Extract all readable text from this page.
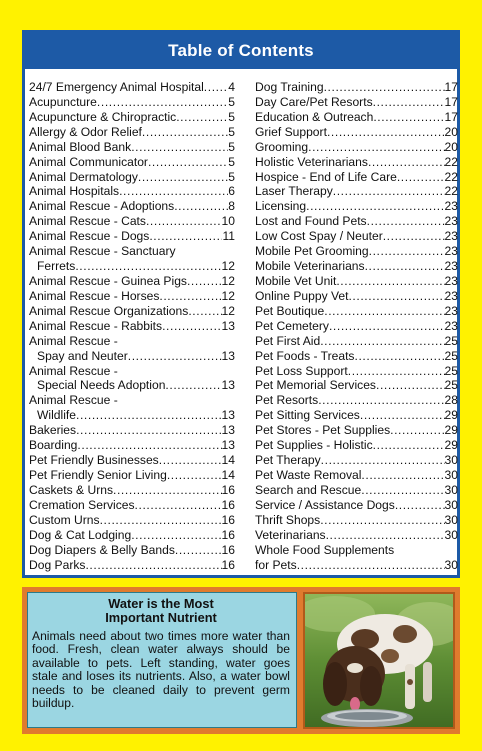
Table of Contents
24/7 Emergency Animal Hospital ..... 4
Acupuncture .....	5
Acupuncture & Chiropractic .....	5
Allergy & Odor Relief .....	5
Animal Blood Bank .....	5
Animal Communicator .....	5
Animal Dermatology .....	5
Animal Hospitals .....	6
Animal Rescue - Adoptions .....	8
Animal Rescue - Cats .....	10
Animal Rescue - Dogs .....	11
Animal Rescue - Sanctuary
Ferrets .....	12
Animal Rescue - Guinea Pigs .....	12
Animal Rescue - Horses .....	12
Animal Rescue Organizations .....	12
Animal Rescue - Rabbits .....	13
Animal Rescue -
Spay and Neuter .....	13
Animal Rescue -
Special Needs Adoption .....	13
Animal Rescue -
Wildlife .....	13
Bakeries .....	13
Boarding .....	13
Pet Friendly Businesses .....	14
Pet Friendly Senior Living .....	14
Caskets & Urns .....	16
Cremation Services .....	16
Custom Urns .....	16
Dog & Cat Lodging .....	16
Dog Diapers & Belly Bands .....	16
Dog Parks .....	16
Dog Training .....	17
Day Care/Pet Resorts .....	17
Education & Outreach .....	17
Grief Support .....	20
Grooming .....	20
Holistic Veterinarians .....	22
Hospice - End of Life Care .....	22
Laser Therapy .....	22
Licensing .....	23
Lost and Found Pets .....	23
Low Cost Spay / Neuter .....	23
Mobile Pet Grooming .....	23
Mobile Veterinarians .....	23
Mobile Vet Unit .....	23
Online Puppy Vet .....	23
Pet Boutique .....	23
Pet Cemetery .....	23
Pet First Aid .....	25
Pet Foods - Treats .....	25
Pet Loss Support .....	25
Pet Memorial Services .....	25
Pet Resorts .....	28
Pet Sitting Services .....	29
Pet Stores - Pet Supplies .....	29
Pet Supplies - Holistic .....	29
Pet Therapy .....	30
Pet Waste Removal .....	30
Search and Rescue .....	30
Service / Assistance Dogs .....	30
Thrift Shops .....	30
Veterinarians .....	30
Whole Food Supplements
for Pets .....	30
Water is the Most
Important Nutrient
Animals need about two times more water than food. Fresh, clean water always should be available to pets. Left standing, water goes stale and loses its nutrients. Also, a water bowl needs to be cleaned daily to prevent germ buildup.
